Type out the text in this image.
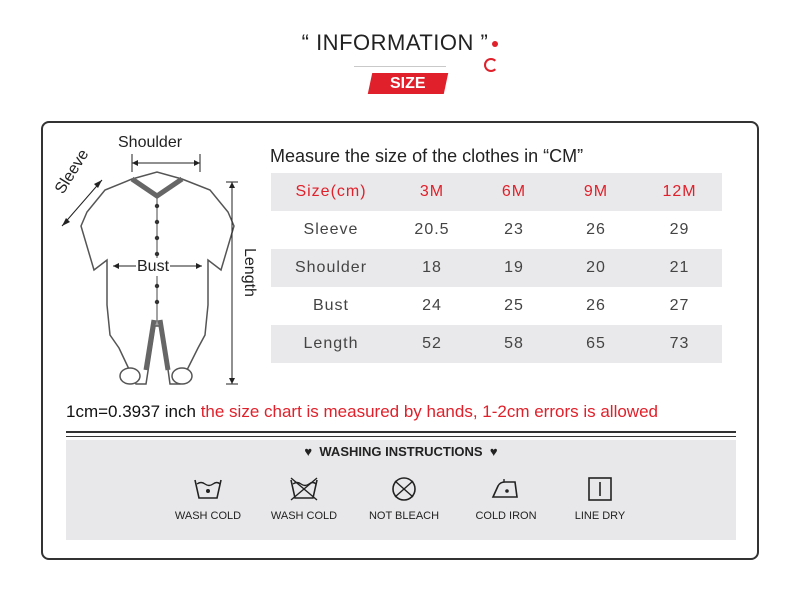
“ INFORMATION ”
SIZE
Shoulder
Sleeve
Bust	Length
Measure the size of the clothes in “CM”
Size(cm)	3M	6M	9M	12M
Sleeve	20.5	23	26	29
Shoulder	18	19	20	21
Bust	24	25	26	27
Length	52	58	65	73
1cm=0.3937 inch the size chart is measured by hands, 1-2cm errors is allowed
♥ WASHING INSTRUCTIONS ♥
WASH COLD	WASH COLD	NOT BLEACH	COLD IRON	LINE DRY
